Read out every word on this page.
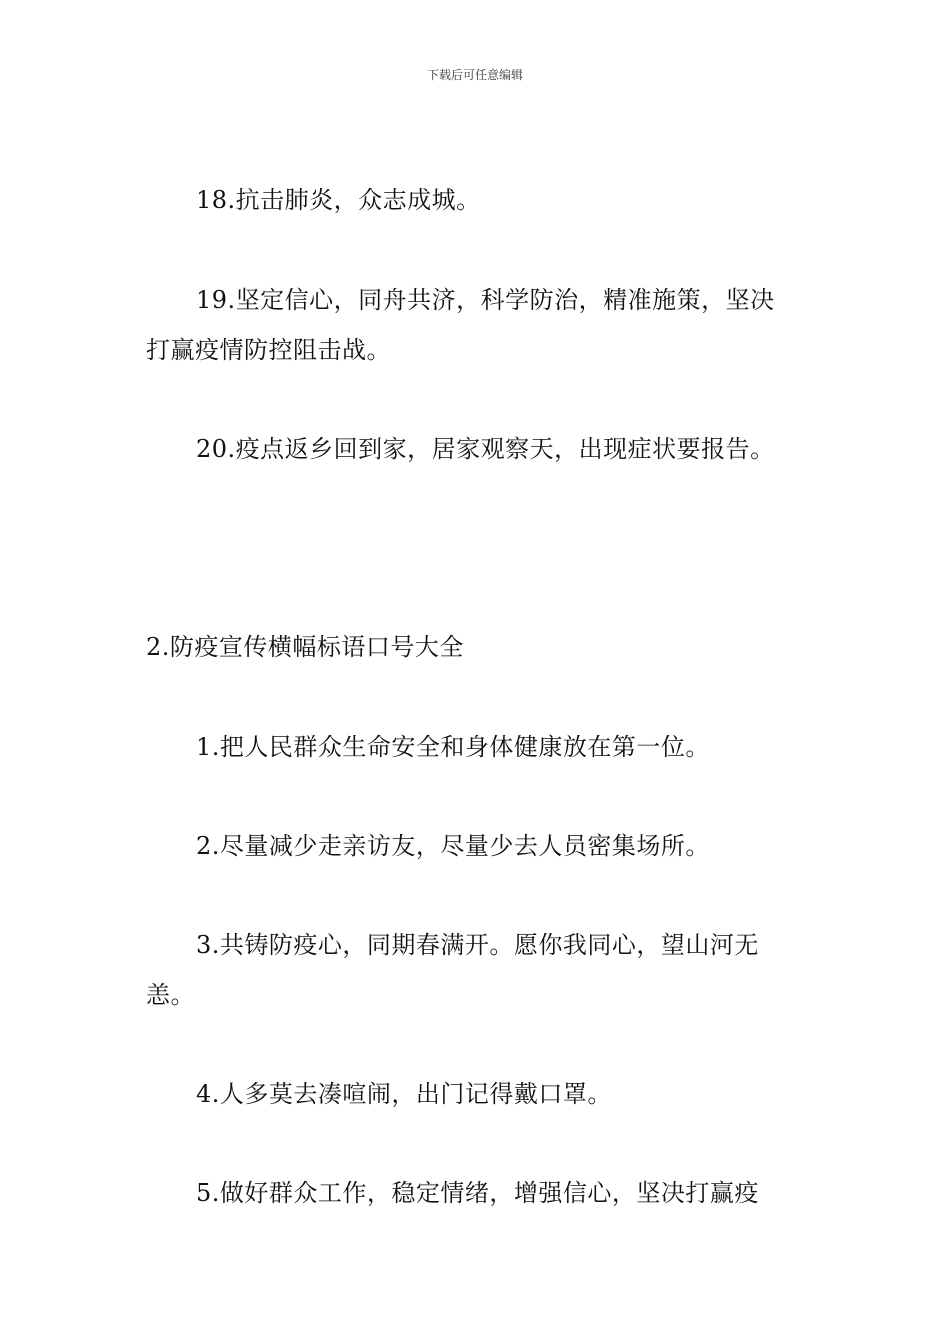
下载后可任意编辑
18.抗击肺炎，众志成城。
19.坚定信心，同舟共济，科学防治，精准施策，坚决
打赢疫情防控阻击战。
20.疫点返乡回到家，居家观察天，出现症状要报告。
2.防疫宣传横幅标语口号大全
1.把人民群众生命安全和身体健康放在第一位。
2.尽量减少走亲访友，尽量少去人员密集场所。
3.共铸防疫心，同期春满开。愿你我同心，望山河无
恙。
4.人多莫去凑喧闹，出门记得戴口罩。
5.做好群众工作，稳定情绪，增强信心，坚决打赢疫
